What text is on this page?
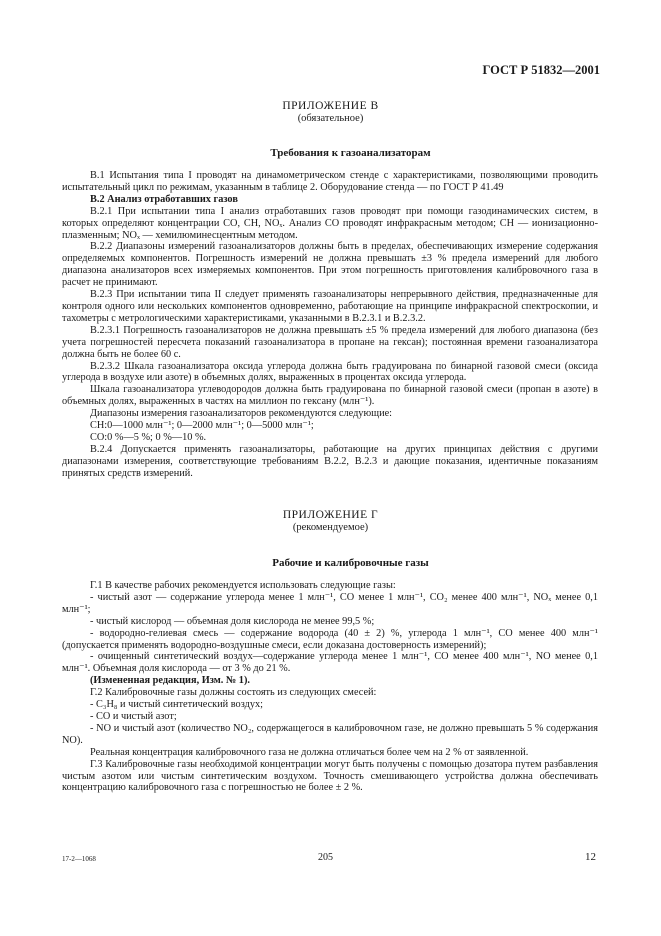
ГОСТ Р 51832—2001
ПРИЛОЖЕНИЕ В
(обязательное)
Требования к газоанализаторам

В.1 Испытания типа I проводят на динамометрическом стенде с характеристиками, позволяющими проводить испытательный цикл по режимам, указанным в таблице 2. Оборудование стенда — по ГОСТ Р 41.49

В.2 Анализ отработавших газов

В.2.1 При испытании типа I анализ отработавших газов проводят при помощи газодинамических систем, в которых определяют концентрации СО, СН, NOₓ. Анализ СО проводят инфракрасным методом; СН — ионизационно-плазменным; NOₓ — хемилюминесцентным методом.

В.2.2 Диапазоны измерений газоанализаторов должны быть в пределах, обеспечивающих измерение содержания определяемых компонентов. Погрешность измерений не должна превышать ±3 % предела измерений для любого диапазона анализаторов всех измеряемых компонентов. При этом погрешность приготовления калибровочного газа в расчет не принимают.

В.2.3 При испытании типа II следует применять газоанализаторы непрерывного действия, предназначенные для контроля одного или нескольких компонентов одновременно, работающие на принципе инфракрасной спектроскопии, и тахометры с метрологическими характеристиками, указанными в В.2.3.1 и В.2.3.2.

В.2.3.1 Погрешность газоанализаторов не должна превышать ±5 % предела измерений для любого диапазона (без учета погрешностей пересчета показаний газоанализатора в пропане на гексан); постоянная времени газоанализатора должна быть не более 60 с.

В.2.3.2 Шкала газоанализатора оксида углерода должна быть градуирована по бинарной газовой смеси (оксида углерода в воздухе или азоте) в объемных долях, выраженных в процентах оксида углерода.

Шкала газоанализатора углеводородов должна быть градуирована по бинарной газовой смеси (пропан в азоте) в объемных долях, выраженных в частях на миллион по гексану (млн⁻¹).

Диапазоны измерения газоанализаторов рекомендуются следующие:

СН:0—1000 млн⁻¹; 0—2000 млн⁻¹; 0—5000 млн⁻¹;

СО:0 %—5 %; 0 %—10 %.

В.2.4 Допускается применять газоанализаторы, работающие на других принципах действия с другими диапазонами измерения, соответствующие требованиям В.2.2, В.2.3 и дающие показания, идентичные показаниям принятых средств измерений.

ПРИЛОЖЕНИЕ Г
(рекомендуемое)
Рабочие и калибровочные газы

Г.1 В качестве рабочих рекомендуется использовать следующие газы:

- чистый азот — содержание углерода менее 1 млн⁻¹, СО менее 1 млн⁻¹, СО₂ менее 400 млн⁻¹, NOₓ менее 0,1 млн⁻¹;

- чистый кислород — объемная доля кислорода не менее 99,5 %;

- водородно-гелиевая смесь — содержание водорода (40 ± 2) %, углерода 1 млн⁻¹, СО менее 400 млн⁻¹ (допускается применять водородно-воздушные смеси, если доказана достоверность измерений);

- очищенный синтетический воздух—содержание углерода менее 1 млн⁻¹, СО менее 400 млн⁻¹, NO менее 0,1 млн⁻¹. Объемная доля кислорода — от 3 % до 21 %.

(Измененная редакция, Изм. № 1).

Г.2 Калибровочные газы должны состоять из следующих смесей:

- С₃Н₈ и чистый синтетический воздух;

- СО и чистый азот;

- NO и чистый азот (количество NO₂, содержащегося в калибровочном газе, не должно превышать 5 % содержания NO).

Реальная концентрация калибровочного газа не должна отличаться более чем на 2 % от заявленной.

Г.3 Калибровочные газы необходимой концентрации могут быть получены с помощью дозатора путем разбавления чистым азотом или чистым синтетическим воздухом. Точность смешивающего устройства должна обеспечивать концентрацию калибровочного газа с погрешностью не более ± 2 %.

17-2—1068	205	12
